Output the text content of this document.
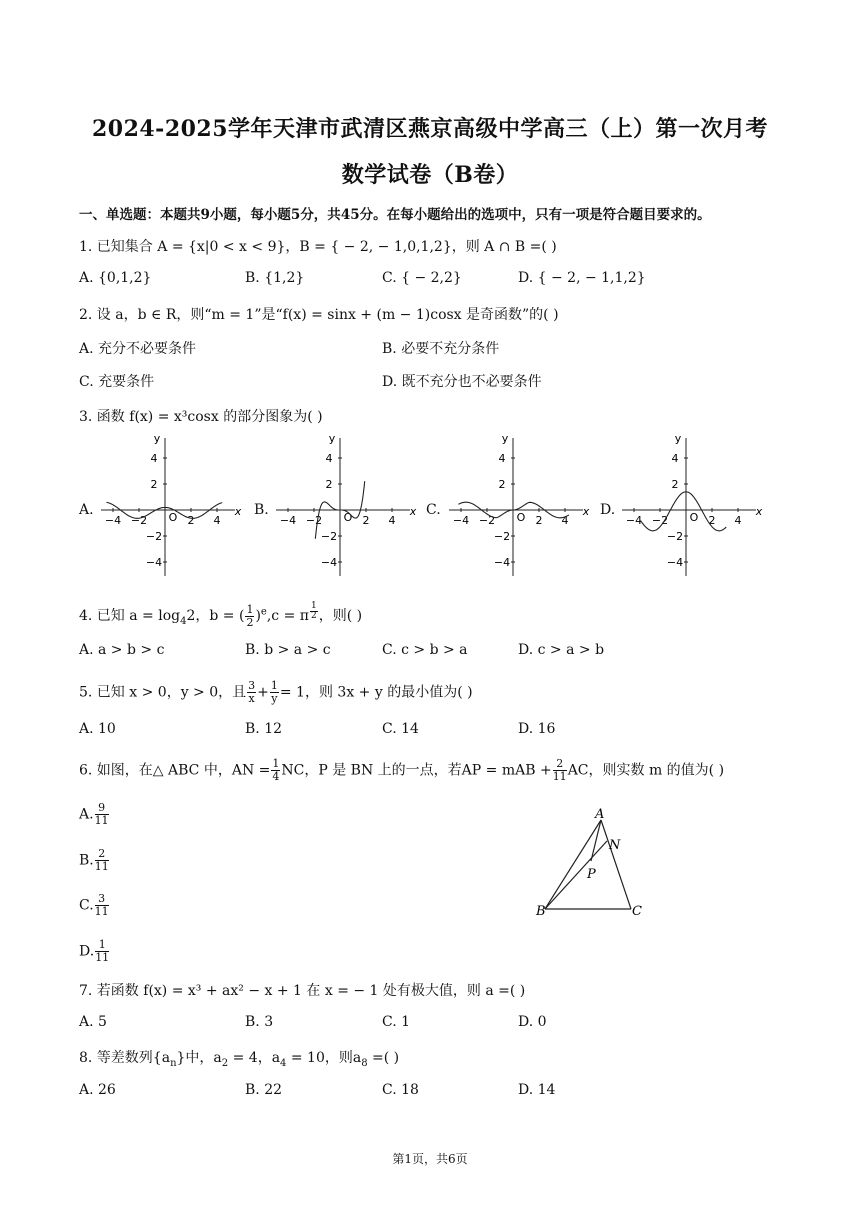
2024-2025学年天津市武清区燕京高级中学高三（上）第一次月考
数学试卷（B卷）
一、单选题：本题共9小题，每小题5分，共45分。在每小题给出的选项中，只有一项是符合题目要求的。
1. 已知集合 A = {x|0 < x < 9}，B = { − 2, − 1,0,1,2}，则 A ∩ B =( )
A. {0,1,2}	B. {1,2}	C. { − 2,2}	D. { − 2, − 1,1,2}
2. 设 a，b ∈ R，则“m = 1”是“f(x) = sinx + (m − 1)cosx 是奇函数”的( )
A. 充分不必要条件	B. 必要不充分条件
C. 充要条件	D. 既不充分也不必要条件
3. 函数 f(x) = x³cosx 的部分图象为( )
A.	B.	C.	D.
y
x
4
2
−2
−4
−4 −2	2 4
O
y
x
4
2
−2
−4
−4 −2	2 4
O
y
x
4
2
−2
−4
−4 −2	2 4
O
y
x
4
2
−2
−4
−4 −2	2 4
O
4. 已知 $a = \log_42$，b = ( $\frac{1}{2} )^e,c = \pi$ $^{\frac{1}{2}}$ ，则( )
A. a > b > c	B. b > a > c	C. c > b > a	D. c > a > b
5. 已知 x > 0，y > 0，且 $\frac{3}{x} + \frac{1}{y} = 1$，则 3x + y 的最小值为( )
A. 10	B. 12	C. 14	D. 16
6. 如图，在△ ABC 中，AN = $\frac{1}{4}$ NC，P 是 BN 上的一点，若AP = mAB + $\frac{2}{11}$ AC，则实数 m 的值为( )
A. $\frac{9}{11}$
B. $\frac{2}{11}$
C. $\frac{3}{11}$
D. $\frac{1}{11}$
A
N
P
B	C
7. 若函数 f(x) = x³ + ax² − x + 1 在 x = − 1 处有极大值，则 a =( )
A. 5	B. 3	C. 1	D. 0
8. 等差数列$\{a_n\}$中，$a_2 = 4$，$a_4 = 10$，则$a_8$ =( )
A. 26	B. 22	C. 18	D. 14
第1页，共6页
